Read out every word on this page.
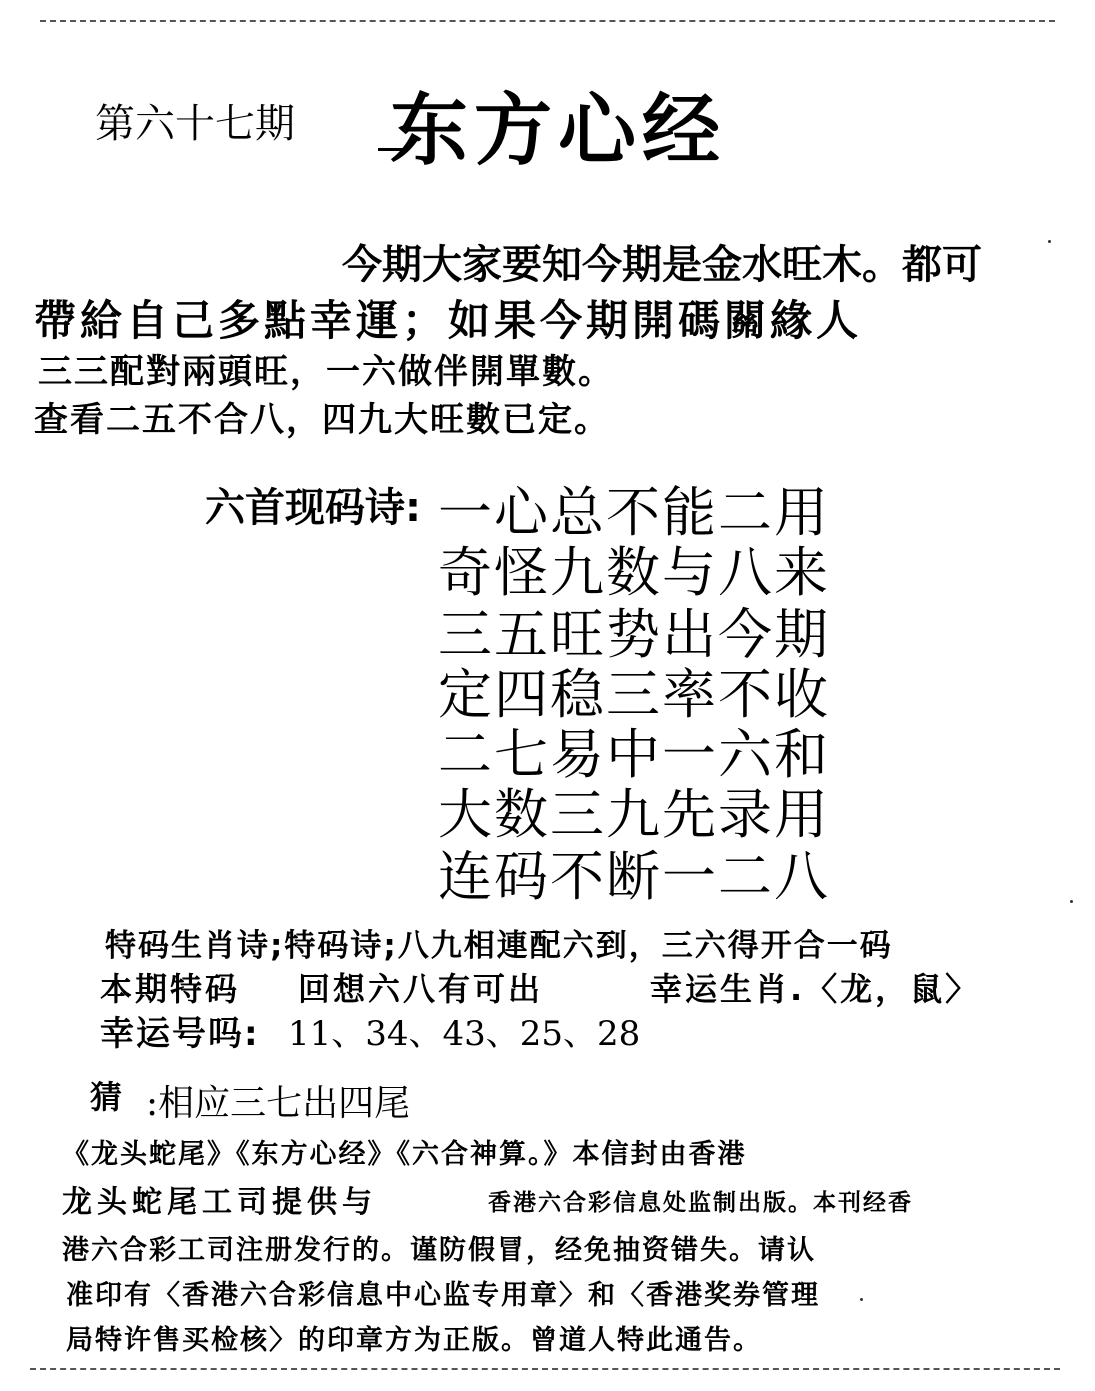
第六十七期 东方心经
今期大家要知今期是金水旺木。都可
帶給自己多點幸運；如果今期開碼關緣人
三三配對兩頭旺，一六做伴開單數。
查看二五不合八，四九大旺數已定。
六首现码诗: 一心总不能二用
奇怪九数与八来
三五旺势出今期
定四稳三率不收
二七易中一六和
大数三九先录用
连码不断一二八
特码生肖诗;特码诗;八九相連配六到，三六得开合一码
本期特码 回想六八有可出	幸运生肖.〈龙，鼠〉
幸运号吗: 11、34、43、25、28
猜 :相应三七出四尾
《龙头蛇尾》《东方心经》《六合神算。》本信封由香港
龙头蛇尾工司提供与	香港六合彩信息处监制出版。本刊经香
港六合彩工司注册发行的。谨防假冒，经免抽资错失。请认
准印有〈香港六合彩信息中心监专用章〉和〈香港奖券管理
局特许售买检核〉的印章方为正版。曾道人特此通告。
